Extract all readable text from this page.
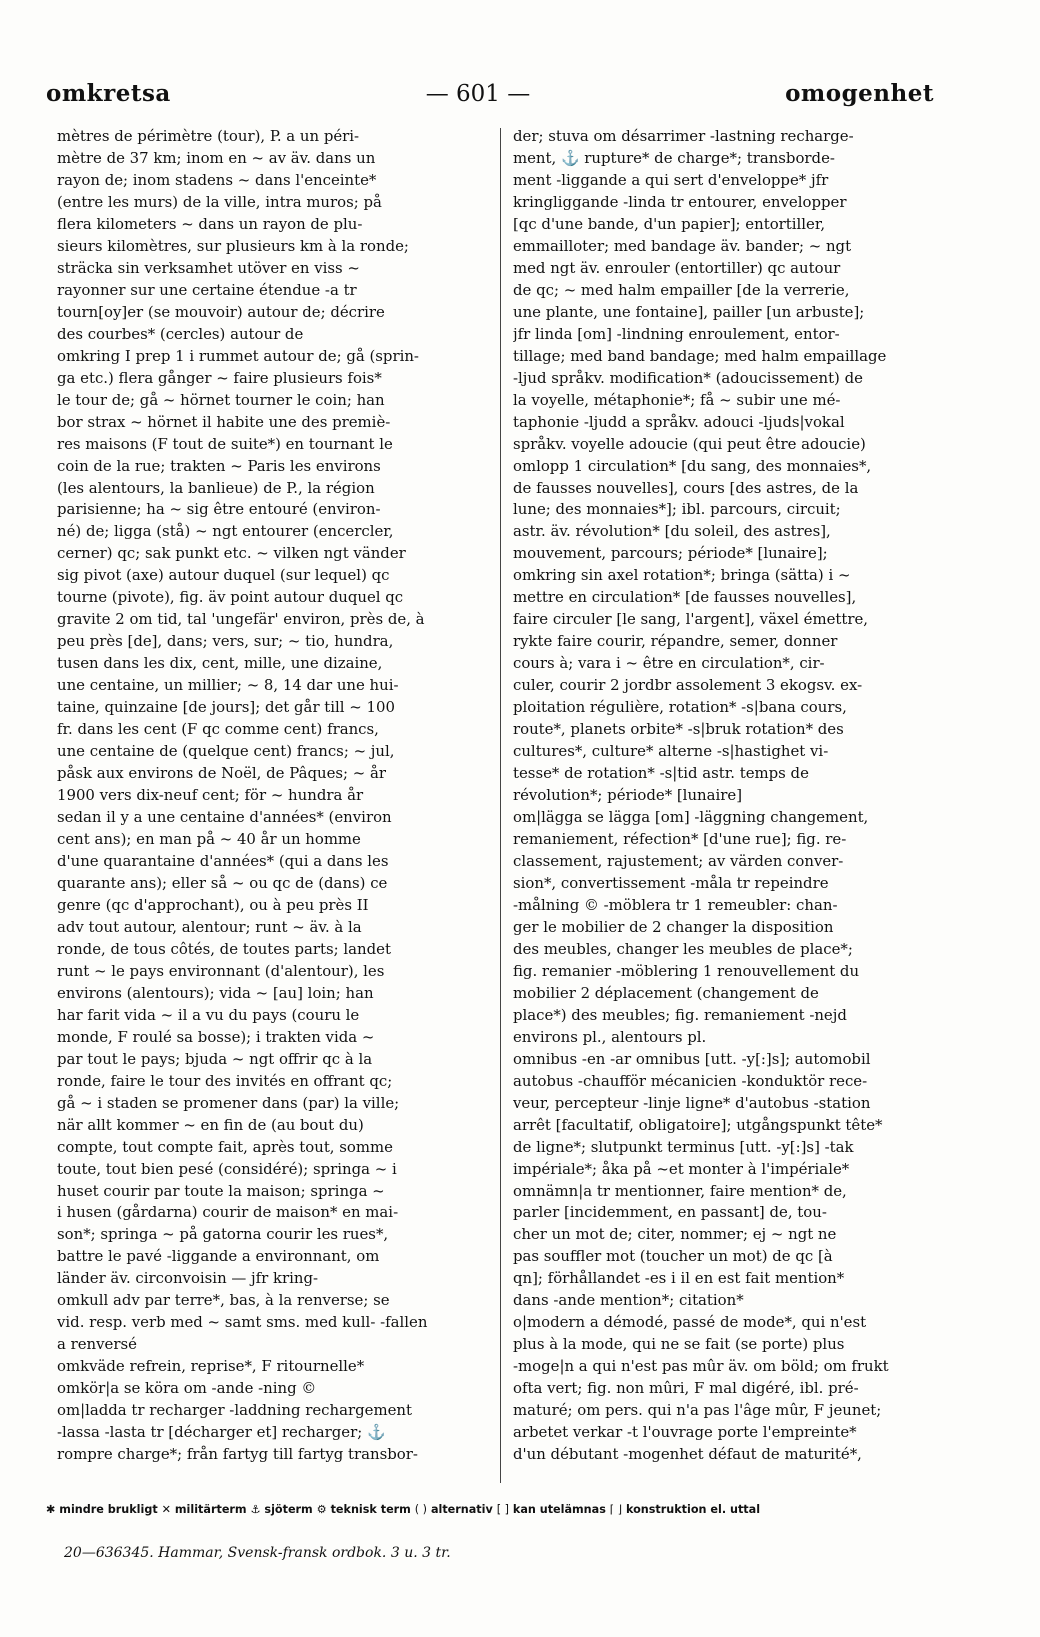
omkretsa	— 601 —	omogenhet
mètres de périmètre (tour), P. a un péri-
mètre de 37 km; inom en ~ av äv. dans un
rayon de; inom stadens ~ dans l'enceinte*
(entre les murs) de la ville, intra muros; på
flera kilometers ~ dans un rayon de plu-
sieurs kilomètres, sur plusieurs km à la ronde;
sträcka sin verksamhet utöver en viss ~
rayonner sur une certaine étendue -a tr
tourn[oy]er (se mouvoir) autour de; décrire
des courbes* (cercles) autour de
omkring I prep 1 i rummet autour de; gå (sprin-
ga etc.) flera gånger ~ faire plusieurs fois*
le tour de; gå ~ hörnet tourner le coin; han
bor strax ~ hörnet il habite une des premiè-
res maisons (F tout de suite*) en tournant le
coin de la rue; trakten ~ Paris les environs
(les alentours, la banlieue) de P., la région
parisienne; ha ~ sig être entouré (environ-
né) de; ligga (stå) ~ ngt entourer (encercler,
cerner) qc; sak punkt etc. ~ vilken ngt vänder
sig pivot (axe) autour duquel (sur lequel) qc
tourne (pivote), fig. äv point autour duquel qc
gravite 2 om tid, tal 'ungefär' environ, près de, à
peu près [de], dans; vers, sur; ~ tio, hundra,
tusen dans les dix, cent, mille, une dizaine,
une centaine, un millier; ~ 8, 14 dar une hui-
taine, quinzaine [de jours]; det går till ~ 100
fr. dans les cent (F qc comme cent) francs,
une centaine de (quelque cent) francs; ~ jul,
påsk aux environs de Noël, de Pâques; ~ år
1900 vers dix-neuf cent; för ~ hundra år
sedan il y a une centaine d'années* (environ
cent ans); en man på ~ 40 år un homme
d'une quarantaine d'années* (qui a dans les
quarante ans); eller så ~ ou qc de (dans) ce
genre (qc d'approchant), ou à peu près II
adv tout autour, alentour; runt ~ äv. à la
ronde, de tous côtés, de toutes parts; landet
runt ~ le pays environnant (d'alentour), les
environs (alentours); vida ~ [au] loin; han
har farit vida ~ il a vu du pays (couru le
monde, F roulé sa bosse); i trakten vida ~
par tout le pays; bjuda ~ ngt offrir qc à la
ronde, faire le tour des invités en offrant qc;
gå ~ i staden se promener dans (par) la ville;
när allt kommer ~ en fin de (au bout du)
compte, tout compte fait, après tout, somme
toute, tout bien pesé (considéré); springa ~ i
huset courir par toute la maison; springa ~
i husen (gårdarna) courir de maison* en mai-
son*; springa ~ på gatorna courir les rues*,
battre le pavé -liggande a environnant, om
länder äv. circonvoisin — jfr kring-
omkull adv par terre*, bas, à la renverse; se
vid. resp. verb med ~ samt sms. med kull- -fallen
a renversé
omkväde refrein, reprise*, F ritournelle*
omkör|a se köra om -ande -ning ©
om|ladda tr recharger -laddning rechargement
-lassa -lasta tr [décharger et] recharger; ⚓
rompre charge*; från fartyg till fartyg transbor-
der; stuva om désarrimer -lastning recharge-
ment, ⚓ rupture* de charge*; transborde-
ment -liggande a qui sert d'enveloppe* jfr
kringliggande -linda tr entourer, envelopper
[qc d'une bande, d'un papier]; entortiller,
emmailloter; med bandage äv. bander; ~ ngt
med ngt äv. enrouler (entortiller) qc autour
de qc; ~ med halm empailler [de la verrerie,
une plante, une fontaine], pailler [un arbuste];
jfr linda [om] -lindning enroulement, entor-
tillage; med band bandage; med halm empaillage
-ljud språkv. modification* (adoucissement) de
la voyelle, métaphonie*; få ~ subir une mé-
taphonie -ljudd a språkv. adouci -ljuds|vokal
språkv. voyelle adoucie (qui peut être adoucie)
omlopp 1 circulation* [du sang, des monnaies*,
de fausses nouvelles], cours [des astres, de la
lune; des monnaies*]; ibl. parcours, circuit;
astr. äv. révolution* [du soleil, des astres],
mouvement, parcours; période* [lunaire];
omkring sin axel rotation*; bringa (sätta) i ~
mettre en circulation* [de fausses nouvelles],
faire circuler [le sang, l'argent], växel émettre,
rykte faire courir, répandre, semer, donner
cours à; vara i ~ être en circulation*, cir-
culer, courir 2 jordbr assolement 3 ekogsv. ex-
ploitation régulière, rotation* -s|bana cours,
route*, planets orbite* -s|bruk rotation* des
cultures*, culture* alterne -s|hastighet vi-
tesse* de rotation* -s|tid astr. temps de
révolution*; période* [lunaire]
om|lägga se lägga [om] -läggning changement,
remaniement, réfection* [d'une rue]; fig. re-
classement, rajustement; av värden conver-
sion*, convertissement -måla tr repeindre
-målning © -möblera tr 1 remeubler: chan-
ger le mobilier de 2 changer la disposition
des meubles, changer les meubles de place*;
fig. remanier -möblering 1 renouvellement du
mobilier 2 déplacement (changement de
place*) des meubles; fig. remaniement -nejd
environs pl., alentours pl.
omnibus -en -ar omnibus [utt. -y[:]s]; automobil
autobus -chaufför mécanicien -konduktör rece-
veur, percepteur -linje ligne* d'autobus -station
arrêt [facultatif, obligatoire]; utgångspunkt tête*
de ligne*; slutpunkt terminus [utt. -y[:]s] -tak
impériale*; åka på ~et monter à l'impériale*
omnämn|a tr mentionner, faire mention* de,
parler [incidemment, en passant] de, tou-
cher un mot de; citer, nommer; ej ~ ngt ne
pas souffler mot (toucher un mot) de qc [à
qn]; förhållandet -es i il en est fait mention*
dans -ande mention*; citation*
o|modern a démodé, passé de mode*, qui n'est
plus à la mode, qui ne se fait (se porte) plus
-moge|n a qui n'est pas mûr äv. om böld; om frukt
ofta vert; fig. non mûri, F mal digéré, ibl. pré-
maturé; om pers. qui n'a pas l'âge mûr, F jeunet;
arbetet verkar -t l'ouvrage porte l'empreinte*
d'un débutant -mogenhet défaut de maturité*,
✱ mindre brukligt ✕ militärterm ⚓ sjöterm ⚙ teknisk term ( ) alternativ [ ] kan utelämnas ⌈ ⌋ konstruktion el. uttal
20—636345. Hammar, Svensk-fransk ordbok. 3 u. 3 tr.
